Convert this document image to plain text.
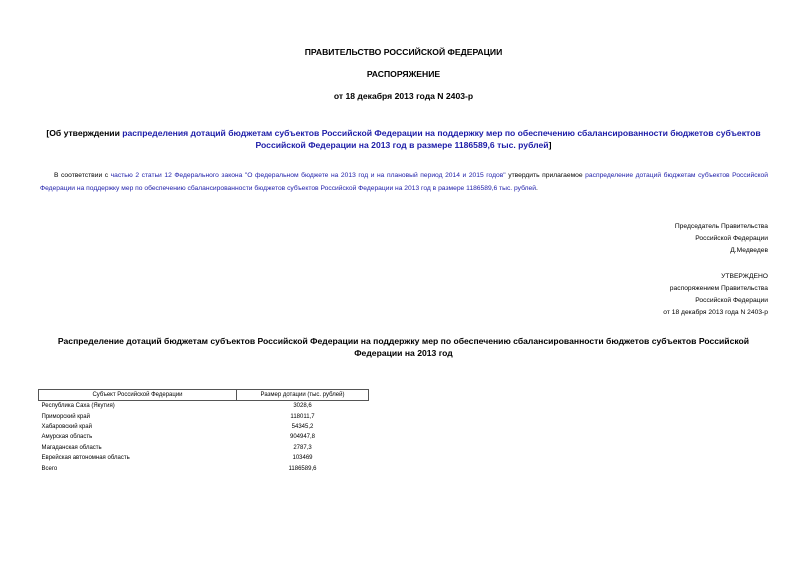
ПРАВИТЕЛЬСТВО РОССИЙСКОЙ ФЕДЕРАЦИИ
РАСПОРЯЖЕНИЕ
от 18 декабря 2013 года N 2403-р
[Об утверждении распределения дотаций бюджетам субъектов Российской Федерации на поддержку мер по обеспечению сбалансированности бюджетов субъектов Российской Федерации на 2013 год в размере 1186589,6 тыс. рублей]
В соответствии с частью 2 статьи 12 Федерального закона "О федеральном бюджете на 2013 год и на плановый период 2014 и 2015 годов" утвердить прилагаемое распределение дотаций бюджетам субъектов Российской Федерации на поддержку мер по обеспечению сбалансированности бюджетов субъектов Российской Федерации на 2013 год в размере 1186589,6 тыс. рублей.
Председатель Правительства
Российской Федерации
Д.Медведев
УТВЕРЖДЕНО
распоряжением Правительства
Российской Федерации
от 18 декабря 2013 года N 2403-р
Распределение дотаций бюджетам субъектов Российской Федерации на поддержку мер по обеспечению сбалансированности бюджетов субъектов Российской Федерации на 2013 год
Субъект Российской Федерации	Размер дотации (тыс. рублей)
Республика Саха (Якутия)	3028,6
Приморский край	118011,7
Хабаровский край	54345,2
Амурская область	904947,8
Магаданская область	2787,3
Еврейская автономная область	103469
Всего	1186589,6
